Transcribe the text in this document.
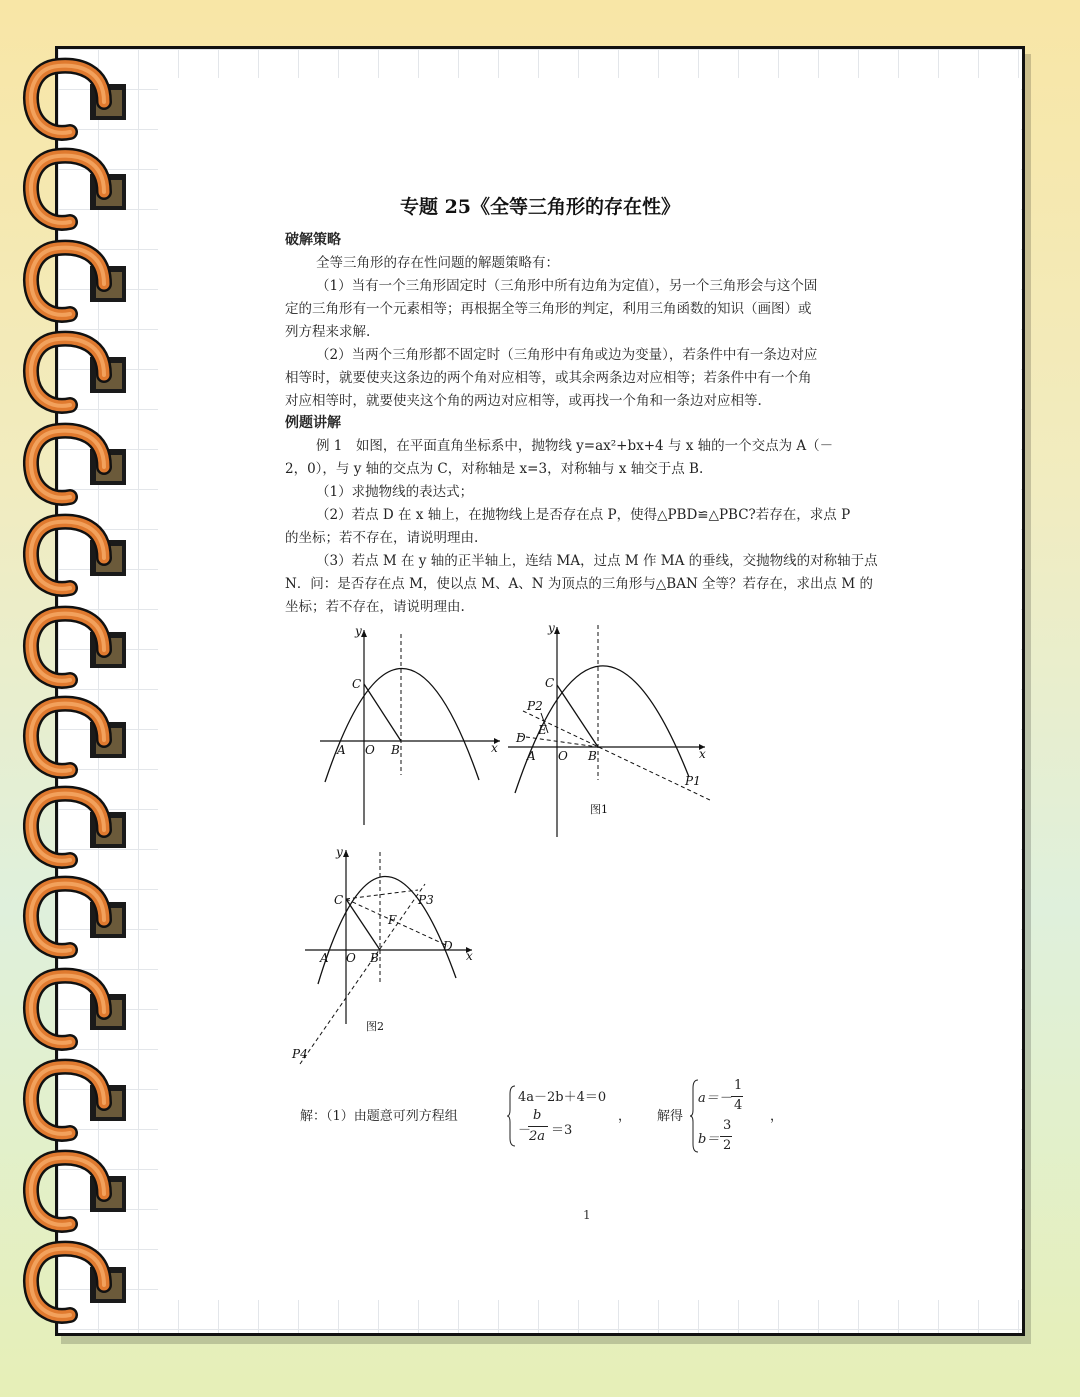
专题 25《全等三角形的存在性》
破解策略
全等三角形的存在性问题的解题策略有：
（1）当有一个三角形固定时（三角形中所有边角为定值），另一个三角形会与这个固
定的三角形有一个元素相等；再根据全等三角形的判定，利用三角函数的知识（画图）或
列方程来求解.
（2）当两个三角形都不固定时（三角形中有角或边为变量），若条件中有一条边对应
相等时，就要使夹这条边的两个角对应相等，或其余两条边对应相等；若条件中有一个角
对应相等时，就要使夹这个角的两边对应相等，或再找一个角和一条边对应相等.
例题讲解
例 1　如图，在平面直角坐标系中，抛物线 y=ax²+bx+4 与 x 轴的一个交点为 A（－
2，0），与 y 轴的交点为 C，对称轴是 x=3，对称轴与 x 轴交于点 B.
（1）求抛物线的表达式；
（2）若点 D 在 x 轴上，在抛物线上是否存在点 P，使得△PBD≌△PBC?若存在，求点 P
的坐标；若不存在，请说明理由.
（3）若点 M 在 y 轴的正半轴上，连结 MA，过点 M 作 MA 的垂线，交抛物线的对称轴于点
N．问：是否存在点 M，使以点 M、A、N 为顶点的三角形与△BAN 全等？若存在，求出点 M 的
坐标；若不存在，请说明理由.
y
x
A O B
C
y
x
A O B
C
D
E
P2
P1
图1
y
x
A O B
C
F
D
P3
P4
图2
解：（1）由题意可列方程组
4a－2b＋4＝0
－
b
2a ＝3
， 解得
a＝－
1
4
b＝
3
2
，
1
